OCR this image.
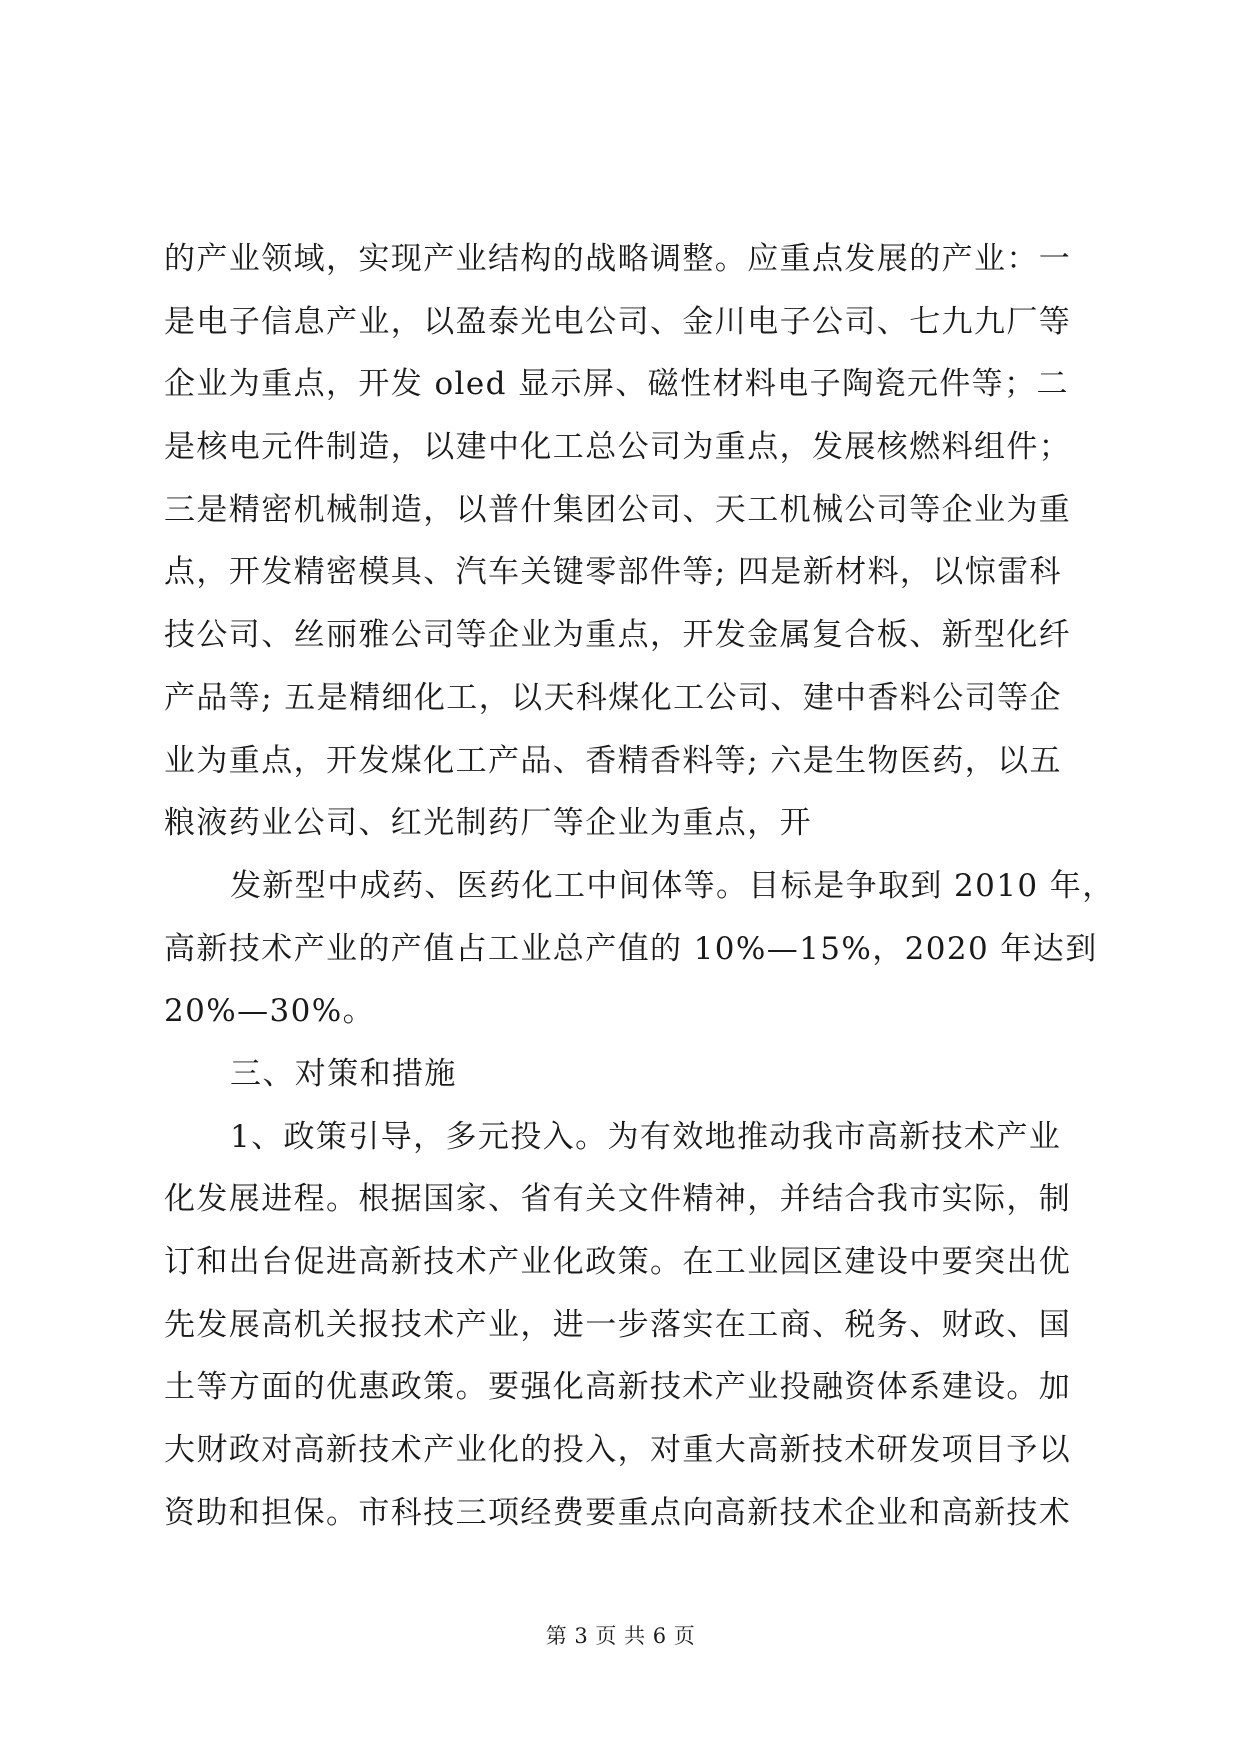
的产业领域，实现产业结构的战略调整。应重点发展的产业：一
是电子信息产业，以盈泰光电公司、金川电子公司、七九九厂等
企业为重点，开发 oled 显示屏、磁性材料电子陶瓷元件等；二
是核电元件制造，以建中化工总公司为重点，发展核燃料组件；
三是精密机械制造，以普什集团公司、天工机械公司等企业为重
点，开发精密模具、汽车关键零部件等; 四是新材料，以惊雷科
技公司、丝丽雅公司等企业为重点，开发金属复合板、新型化纤
产品等; 五是精细化工，以天科煤化工公司、建中香料公司等企
业为重点，开发煤化工产品、香精香料等; 六是生物医药，以五
粮液药业公司、红光制药厂等企业为重点，开
发新型中成药、医药化工中间体等。目标是争取到 2010 年，
高新技术产业的产值占工业总产值的 10%—15%，2020 年达到
20%—30%。
三、对策和措施
1、政策引导，多元投入。为有效地推动我市高新技术产业
化发展进程。根据国家、省有关文件精神，并结合我市实际，制
订和出台促进高新技术产业化政策。在工业园区建设中要突出优
先发展高机关报技术产业，进一步落实在工商、税务、财政、国
土等方面的优惠政策。要强化高新技术产业投融资体系建设。加
大财政对高新技术产业化的投入，对重大高新技术研发项目予以
资助和担保。市科技三项经费要重点向高新技术企业和高新技术
第 3 页 共 6 页
